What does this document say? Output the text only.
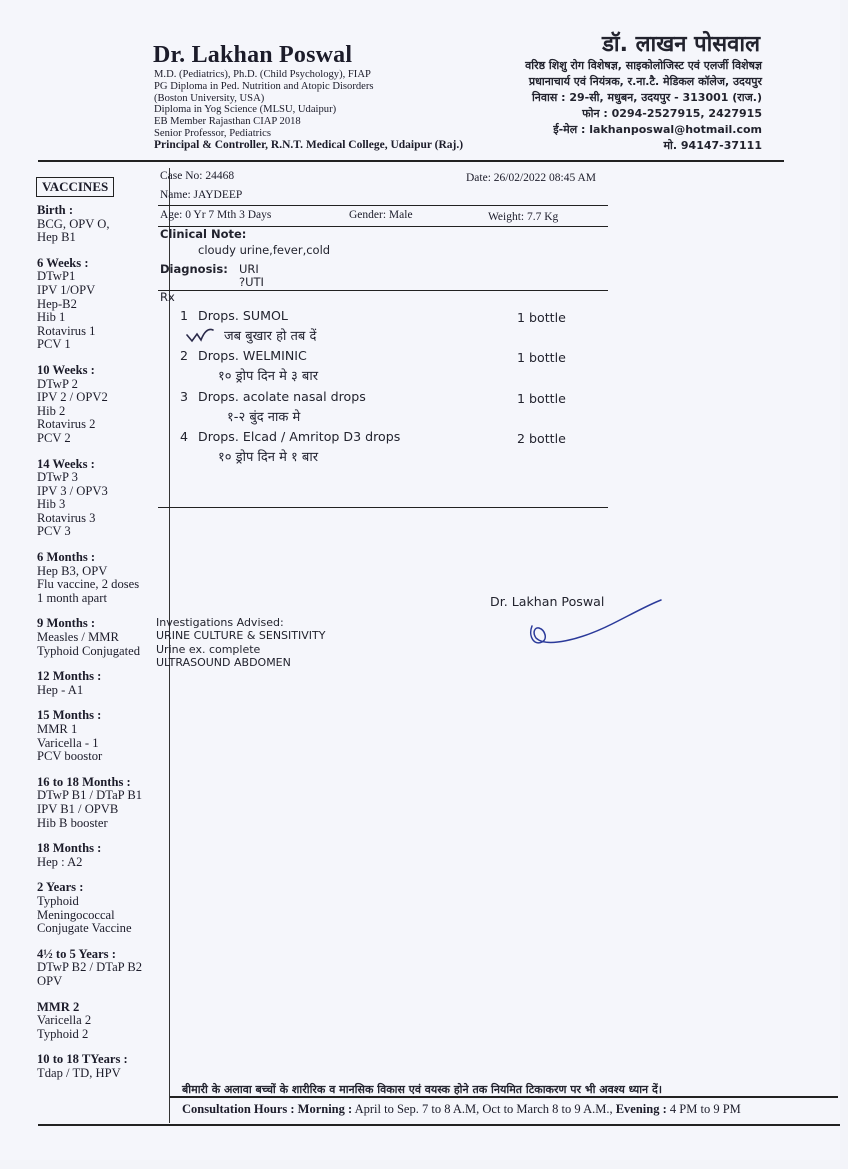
Dr. Lakhan Poswal
M.D. (Pediatrics), Ph.D. (Child Psychology), FIAP
PG Diploma in Ped. Nutrition and Atopic Disorders
(Boston University, USA)
Diploma in Yog Science (MLSU, Udaipur)
EB Member Rajasthan CIAP 2018
Senior Professor, Pediatrics
Principal & Controller, R.N.T. Medical College, Udaipur (Raj.)
डॉ. लाखन पोसवाल
वरिष्ठ शिशु रोग विशेषज्ञ, साइकोलोजिस्ट एवं एलर्जी विशेषज्ञ
प्रधानाचार्य एवं नियंत्रक, र.ना.टै. मेडिकल कॉलेज, उदयपुर
निवास : 29-सी, मधुबन, उदयपुर - 313001 (राज.)
फोन : 0294-2527915, 2427915
ई-मेल : lakhanposwal@hotmail.com
मो. 94147-37111
VACCINES
Birth :
BCG, OPV O,
Hep B1
6 Weeks :
DTwP1
IPV 1/OPV
Hep-B2
Hib 1
Rotavirus 1
PCV 1
10 Weeks :
DTwP 2
IPV 2 / OPV2
Hib 2
Rotavirus 2
PCV 2
14 Weeks :
DTwP 3
IPV 3 / OPV3
Hib 3
Rotavirus 3
PCV 3
6 Months :
Hep B3, OPV
Flu vaccine, 2 doses
1 month apart
9 Months :
Measles / MMR
Typhoid Conjugated
12 Months :
Hep - A1
15 Months :
MMR 1
Varicella - 1
PCV boostor
16 to 18 Months :
DTwP B1 / DTaP B1
IPV B1 / OPVB
Hib B booster
18 Months :
Hep : A2
2 Years :
Typhoid
Meningococcal
Conjugate Vaccine
4½ to 5 Years :
DTwP B2 / DTaP B2
OPV
MMR 2
Varicella 2
Typhoid 2
10 to 18 TYears :
Tdap / TD, HPV
Case No: 24468	Date: 26/02/2022 08:45 AM
Name: JAYDEEP
Age: 0 Yr 7 Mth 3 Days	Gender: Male	Weight: 7.7 Kg
Clinical Note:
cloudy urine,fever,cold
Diagnosis: URI
?UTI
Rx
1 Drops. SUMOL	1 bottle
जब बुखार हो तब दें
2 Drops. WELMINIC	1 bottle
१० ड्रोप दिन मे ३ बार
3 Drops. acolate nasal drops	1 bottle
१-२ बुंद नाक मे
4 Drops. Elcad / Amritop D3 drops	2 bottle
१० ड्रोप दिन मे १ बार
Dr. Lakhan Poswal
Investigations Advised:
URINE CULTURE & SENSITIVITY
Urine ex. complete
ULTRASOUND ABDOMEN
बीमारी के अलावा बच्चों के शारीरिक व मानसिक विकास एवं वयस्क होने तक नियमित टिकाकरण पर भी अवश्य ध्यान दें।
Consultation Hours : Morning : April to Sep. 7 to 8 A.M, Oct to March 8 to 9 A.M., Evening : 4 PM to 9 PM
